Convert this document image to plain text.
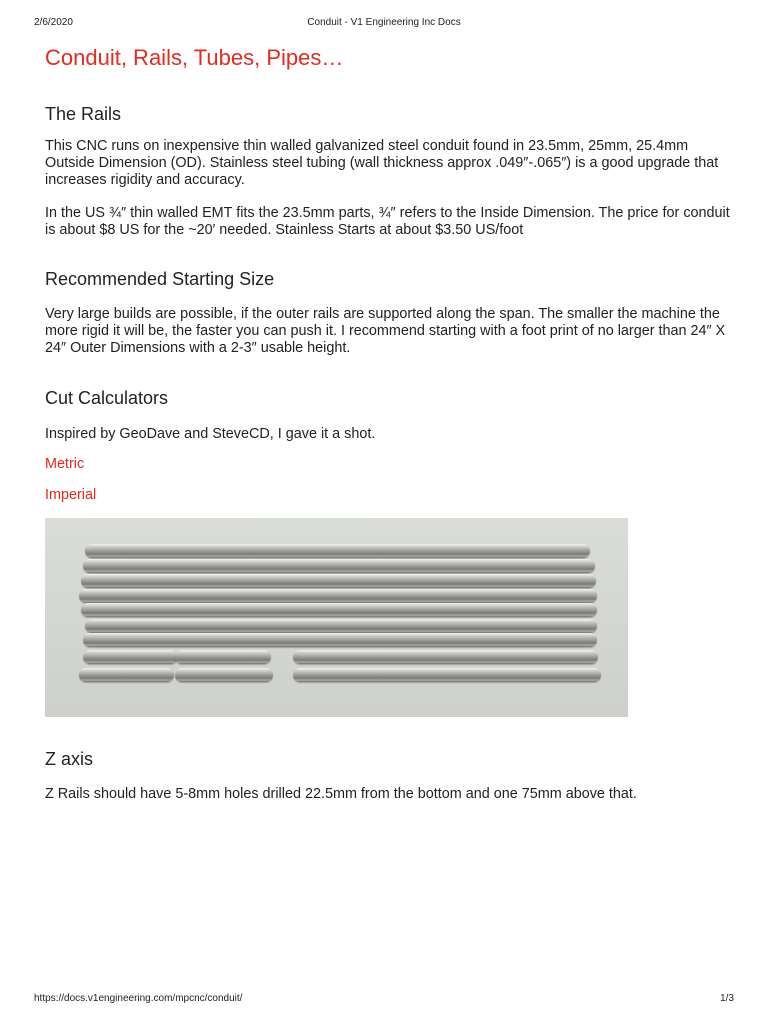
2/6/2020	Conduit - V1 Engineering Inc Docs
Conduit, Rails, Tubes, Pipes…
The Rails

This CNC runs on inexpensive thin walled galvanized steel conduit found in 23.5mm, 25mm, 25.4mm Outside Dimension (OD). Stainless steel tubing (wall thickness approx .049″-.065″) is a good upgrade that increases rigidity and accuracy.

In the US ¾″ thin walled EMT fits the 23.5mm parts, ¾″ refers to the Inside Dimension. The price for conduit is about $8 US for the ~20′ needed. Stainless Starts at about $3.50 US/foot

Recommended Starting Size

Very large builds are possible, if the outer rails are supported along the span. The smaller the machine the more rigid it will be, the faster you can push it. I recommend starting with a foot print of no larger than 24″ X 24″ Outer Dimensions with a 2-3″ usable height.

Cut Calculators

Inspired by GeoDave and SteveCD, I gave it a shot.

Metric
Imperial
Z axis

Z Rails should have 5-8mm holes drilled 22.5mm from the bottom and one 75mm above that.

https://docs.v1engineering.com/mpcnc/conduit/	1/3
